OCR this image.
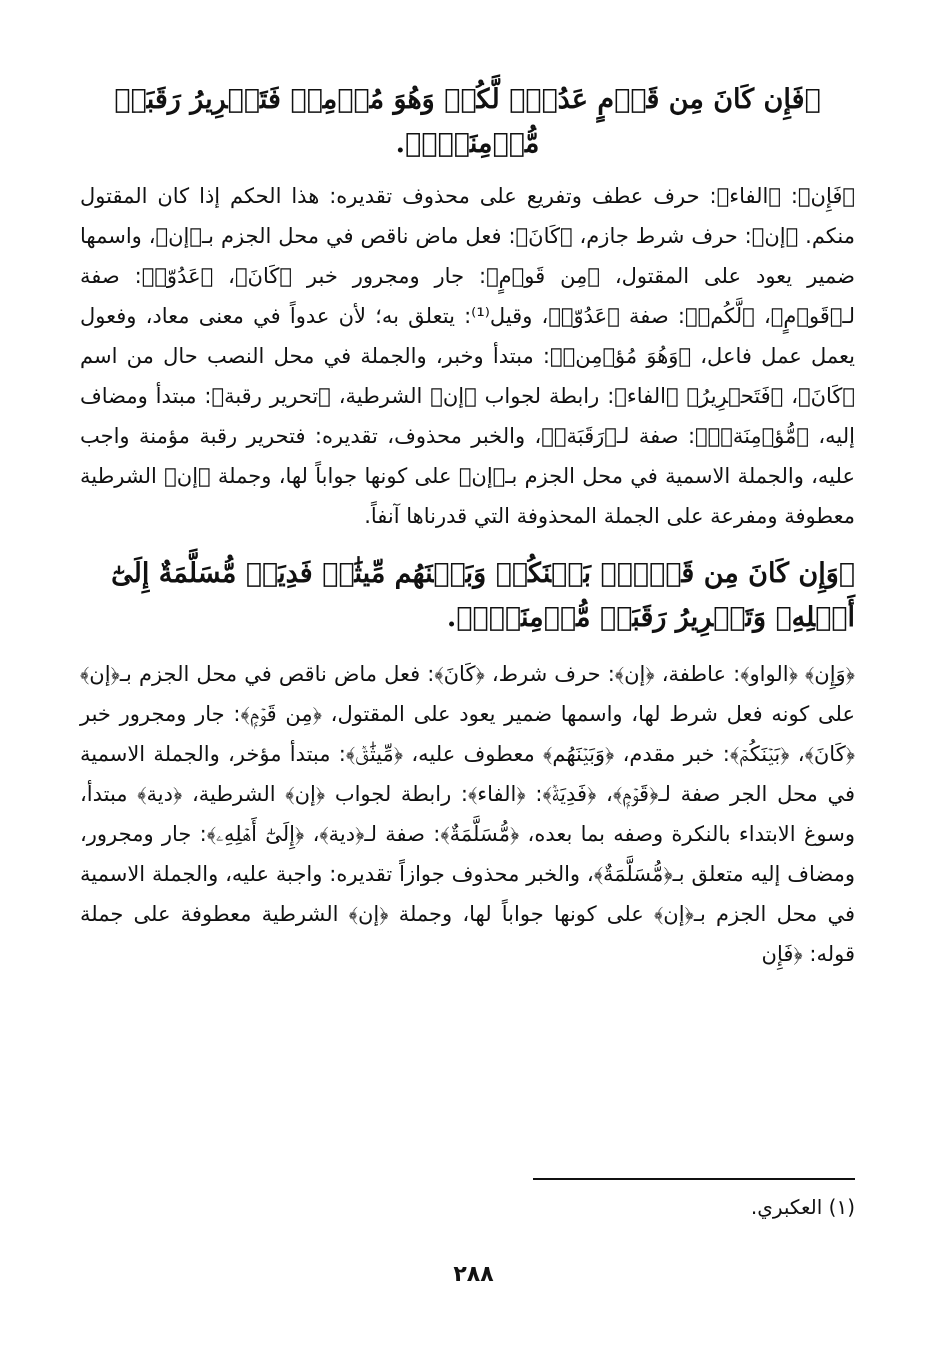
﴿فَإِن كَانَ مِن قَوۡمٍ عَدُوّٖ لَّكُمۡ وَهُوَ مُؤۡمِنٞ فَتَحۡرِيرُ رَقَبَةٖ مُّؤۡمِنَةٖۖ﴾.

﴿فَإِن﴾: ﴿الفاء﴾: حرف عطف وتفريع على محذوف تقديره: هذا الحكم إذا كان المقتول منكم. ﴿إن﴾: حرف شرط جازم، ﴿كَانَ﴾: فعل ماض ناقص في محل الجزم بـ﴿إن﴾، واسمها ضمير يعود على المقتول، ﴿مِن قَوۡمٍ﴾: جار ومجرور خبر ﴿كَانَ﴾، ﴿عَدُوّٖ﴾: صفة لـ﴿قَوۡمٍ﴾، ﴿لَّكُمۡ﴾: صفة ﴿عَدُوّٖ﴾، وقيل⁽¹⁾: يتعلق به؛ لأن عدواً في معنى معاد، وفعول يعمل عمل فاعل، ﴿وَهُوَ مُؤۡمِنٞ﴾: مبتدأ وخبر، والجملة في محل النصب حال من اسم ﴿كَانَ﴾، ﴿فَتَحۡرِيرُ﴾ ﴿الفاء﴾: رابطة لجواب ﴿إن﴾ الشرطية، ﴿تحرير رقبة﴾: مبتدأ ومضاف إليه، ﴿مُّؤۡمِنَةٖۖ﴾: صفة لـ﴿رَقَبَةٖ﴾، والخبر محذوف، تقديره: فتحرير رقبة مؤمنة واجب عليه، والجملة الاسمية في محل الجزم بـ﴿إن﴾ على كونها جواباً لها، وجملة ﴿إن﴾ الشرطية معطوفة ومفرعة على الجملة المحذوفة التي قدرناها آنفاً.

﴿وَإِن كَانَ مِن قَوۡمِۭ بَيۡنَكُمۡ وَبَيۡنَهُم مِّيثَٰقٞ فَدِيَةٞ مُّسَلَّمَةٌ إِلَىٰٓ أَهۡلِهِۦ وَتَحۡرِيرُ رَقَبَةٖ مُّؤۡمِنَةٖۖ﴾.

﴿وَإِن﴾ ﴿الواو﴾: عاطفة، ﴿إن﴾: حرف شرط، ﴿كَانَ﴾: فعل ماض ناقص في محل الجزم بـ﴿إن﴾ على كونه فعل شرط لها، واسمها ضمير يعود على المقتول، ﴿مِن قَوۡمِۭ﴾: جار ومجرور خبر ﴿كَانَ﴾، ﴿بَيۡنَكُمۡ﴾: خبر مقدم، ﴿وَبَيۡنَهُم﴾ معطوف عليه، ﴿مِّيثَٰقٞ﴾: مبتدأ مؤخر، والجملة الاسمية في محل الجر صفة لـ﴿قَوۡمِۭ﴾، ﴿فَدِيَةٞ﴾: ﴿الفاء﴾: رابطة لجواب ﴿إن﴾ الشرطية، ﴿دية﴾ مبتدأ، وسوغ الابتداء بالنكرة وصفه بما بعده، ﴿مُّسَلَّمَةٌ﴾: صفة لـ﴿دية﴾، ﴿إِلَىٰٓ أَهۡلِهِۦ﴾: جار ومجرور، ومضاف إليه متعلق بـ﴿مُّسَلَّمَةٌ﴾، والخبر محذوف جوازاً تقديره: واجبة عليه، والجملة الاسمية في محل الجزم بـ﴿إن﴾ على كونها جواباً لها، وجملة ﴿إن﴾ الشرطية معطوفة على جملة قوله: ﴿فَإِن

(١) العكبري.
٢٨٨
